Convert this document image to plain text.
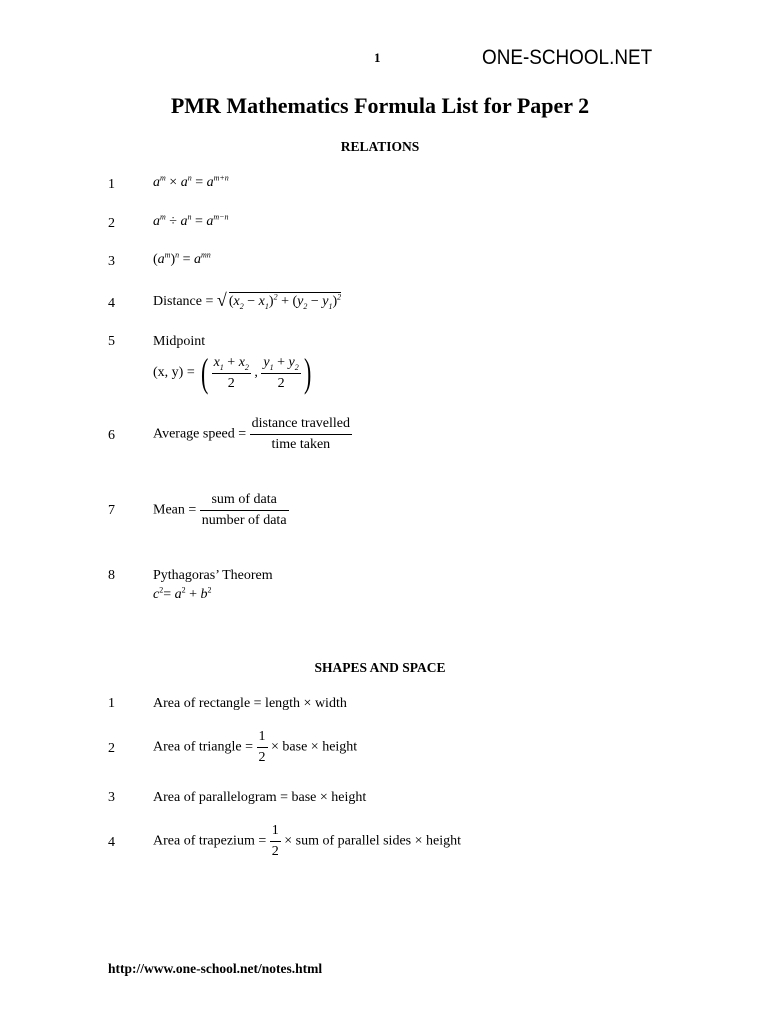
1	ONE-SCHOOL.NET
PMR Mathematics Formula List for Paper 2
RELATIONS
1	$a^m \times a^n = a^{m+n}$
2	$a^m \div a^n = a^{m-n}$
3	$(a^m)^n = a^{mn}$
4	Distance = √ $(x_2 - x_1)^2 + (y_2 - y_1)^2$
5	Midpoint
(x, y) = ( $\frac{x_1 + x_2}{2}$ , $\frac{y_1 + y_2}{2}$ )
6	Average speed = $\frac{\text{distance travelled}}{\text{time taken}}$
7	Mean = $\frac{\text{sum of data}}{\text{number of data}}$
8	Pythagoras’ Theorem
$c^2= a^2 + b^2$
SHAPES AND SPACE
1	Area of rectangle = length × width
2	Area of triangle = $\frac{1}{2}$ × base × height
3	Area of parallelogram = base × height
4	Area of trapezium = $\frac{1}{2}$ × sum of parallel sides × height
http://www.one-school.net/notes.html
